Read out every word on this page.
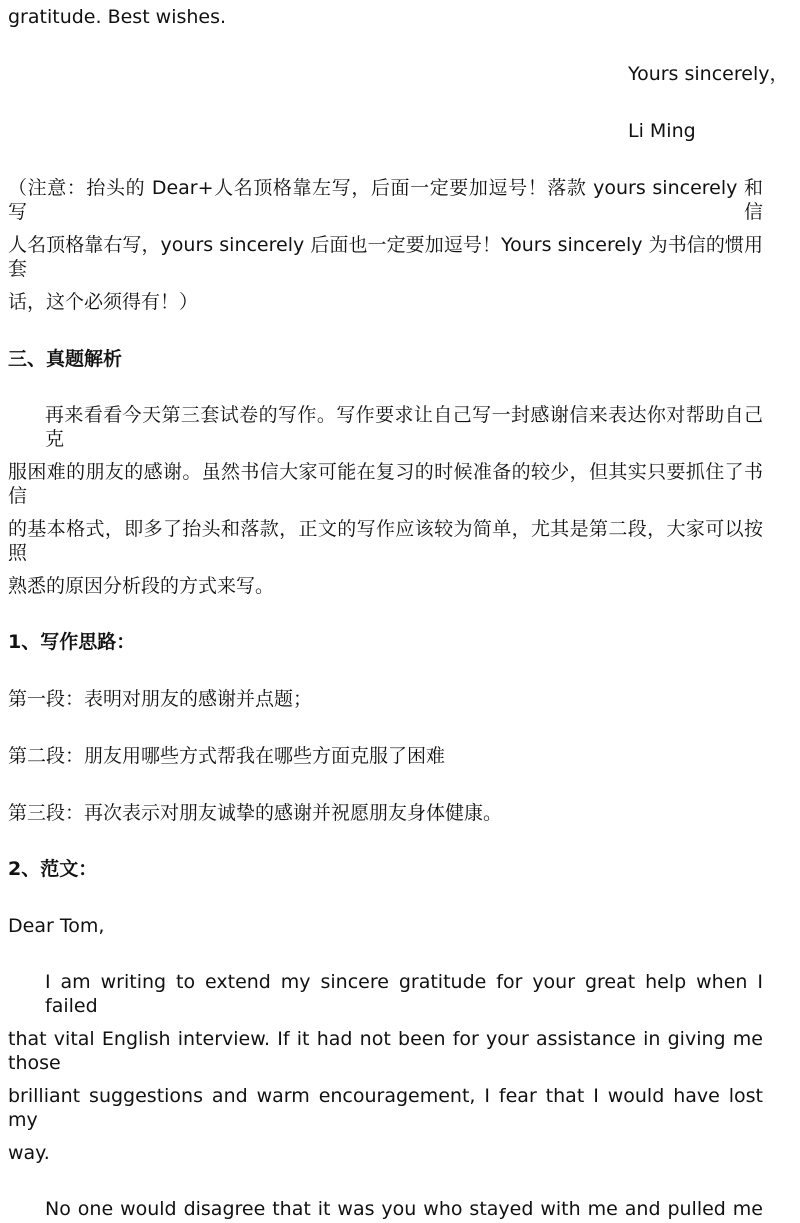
gratitude. Best wishes.
Yours sincerely，
Li Ming
（注意：抬头的 Dear+人名顶格靠左写，后面一定要加逗号！落款 yours sincerely 和写信
人名顶格靠右写，yours sincerely 后面也一定要加逗号！Yours sincerely 为书信的惯用套
话，这个必须得有！）
三、真题解析
再来看看今天第三套试卷的写作。写作要求让自己写一封感谢信来表达你对帮助自己克
服困难的朋友的感谢。虽然书信大家可能在复习的时候准备的较少，但其实只要抓住了书信
的基本格式，即多了抬头和落款，正文的写作应该较为简单，尤其是第二段，大家可以按照
熟悉的原因分析段的方式来写。
1、写作思路：
第一段：表明对朋友的感谢并点题；
第二段：朋友用哪些方式帮我在哪些方面克服了困难
第三段：再次表示对朋友诚挚的感谢并祝愿朋友身体健康。
2、范文：
Dear Tom,
I am writing to extend my sincere gratitude for your great help when I failed
that vital English interview. If it had not been for your assistance in giving me those
brilliant suggestions and warm encouragement, I fear that I would have lost my
way.
No one would disagree that it was you who stayed with me and pulled me
